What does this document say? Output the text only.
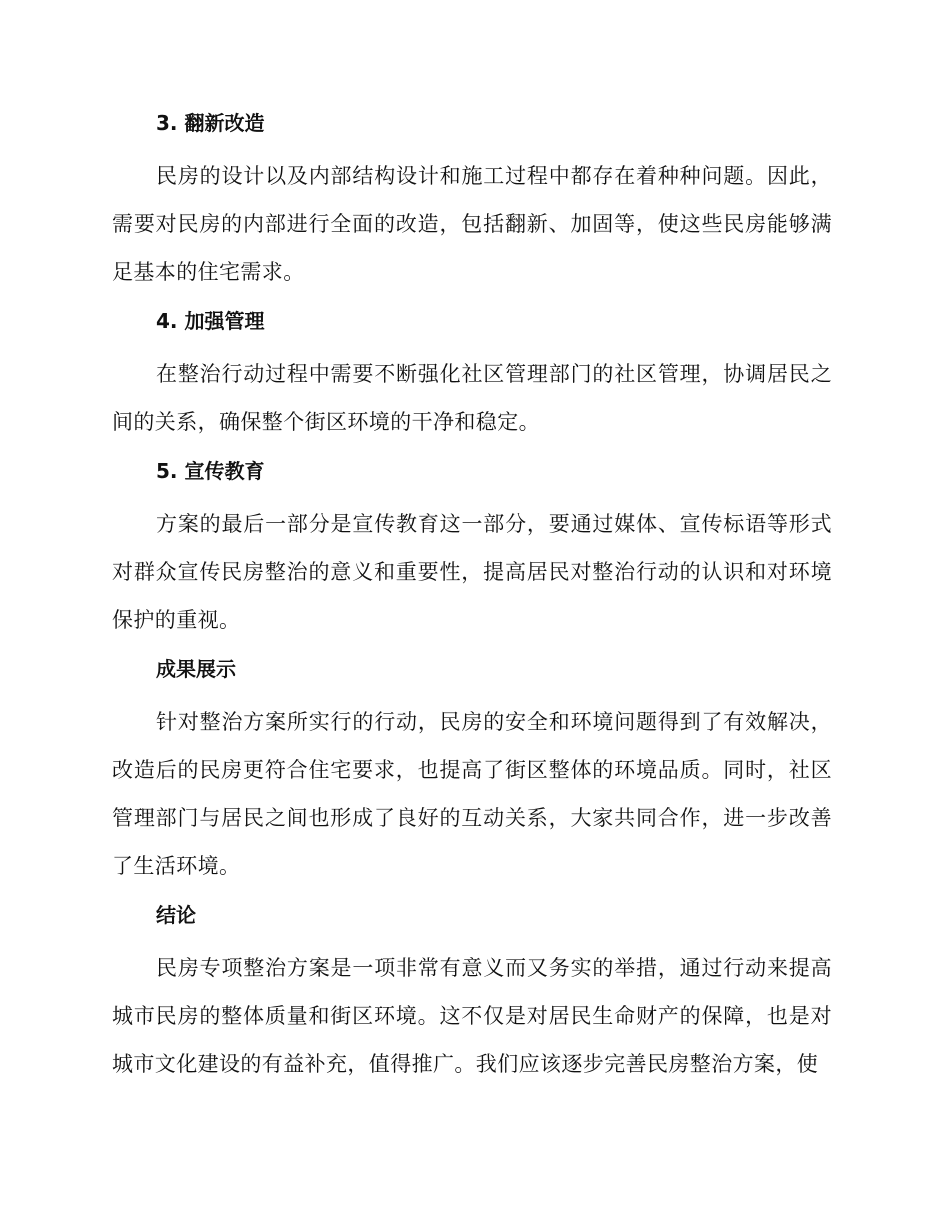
3. 翻新改造

民房的设计以及内部结构设计和施工过程中都存在着种种问题。因此，需要对民房的内部进行全面的改造，包括翻新、加固等，使这些民房能够满足基本的住宅需求。

4. 加强管理

在整治行动过程中需要不断强化社区管理部门的社区管理，协调居民之间的关系，确保整个街区环境的干净和稳定。

5. 宣传教育

方案的最后一部分是宣传教育这一部分，要通过媒体、宣传标语等形式对群众宣传民房整治的意义和重要性，提高居民对整治行动的认识和对环境保护的重视。

成果展示

针对整治方案所实行的行动，民房的安全和环境问题得到了有效解决，改造后的民房更符合住宅要求，也提高了街区整体的环境品质。同时，社区管理部门与居民之间也形成了良好的互动关系，大家共同合作，进一步改善了生活环境。

结论

民房专项整治方案是一项非常有意义而又务实的举措，通过行动来提高城市民房的整体质量和街区环境。这不仅是对居民生命财产的保障，也是对城市文化建设的有益补充，值得推广。我们应该逐步完善民房整治方案，使
